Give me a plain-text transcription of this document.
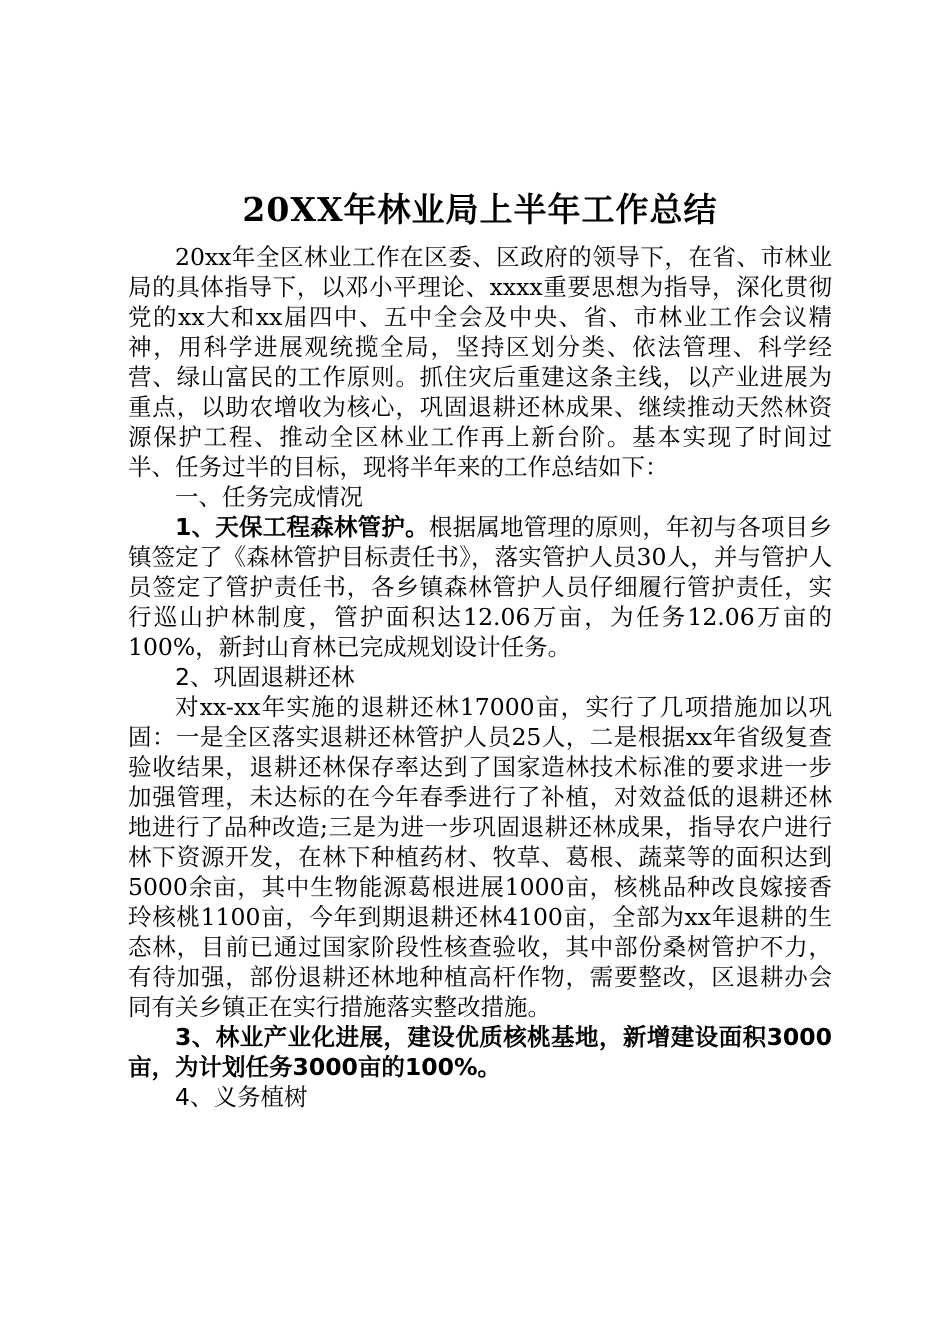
20XX年林业局上半年工作总结

20xx年全区林业工作在区委、区政府的领导下，在省、市林业局的具体指导下，以邓小平理论、xxxx重要思想为指导，深化贯彻党的xx大和xx届四中、五中全会及中央、省、市林业工作会议精神，用科学进展观统揽全局，坚持区划分类、依法管理、科学经营、绿山富民的工作原则。抓住灾后重建这条主线，以产业进展为重点，以助农增收为核心，巩固退耕还林成果、继续推动天然林资源保护工程、推动全区林业工作再上新台阶。基本实现了时间过半、任务过半的目标，现将半年来的工作总结如下：

一、任务完成情况

1、天保工程森林管护。根据属地管理的原则，年初与各项目乡镇签定了《森林管护目标责任书》，落实管护人员30人，并与管护人员签定了管护责任书，各乡镇森林管护人员仔细履行管护责任，实行巡山护林制度，管护面积达12.06万亩，为任务12.06万亩的100%，新封山育林已完成规划设计任务。

2、巩固退耕还林

对xx-xx年实施的退耕还林17000亩，实行了几项措施加以巩固：一是全区落实退耕还林管护人员25人，二是根据xx年省级复查验收结果，退耕还林保存率达到了国家造林技术标准的要求进一步加强管理，未达标的在今年春季进行了补植，对效益低的退耕还林地进行了品种改造;三是为进一步巩固退耕还林成果，指导农户进行林下资源开发，在林下种植药材、牧草、葛根、蔬菜等的面积达到5000余亩，其中生物能源葛根进展1000亩，核桃品种改良嫁接香玲核桃1100亩，今年到期退耕还林4100亩，全部为xx年退耕的生态林，目前已通过国家阶段性核查验收，其中部份桑树管护不力，有待加强，部份退耕还林地种植高杆作物，需要整改，区退耕办会同有关乡镇正在实行措施落实整改措施。

3、林业产业化进展，建设优质核桃基地，新增建设面积3000亩，为计划任务3000亩的100%。

4、义务植树
